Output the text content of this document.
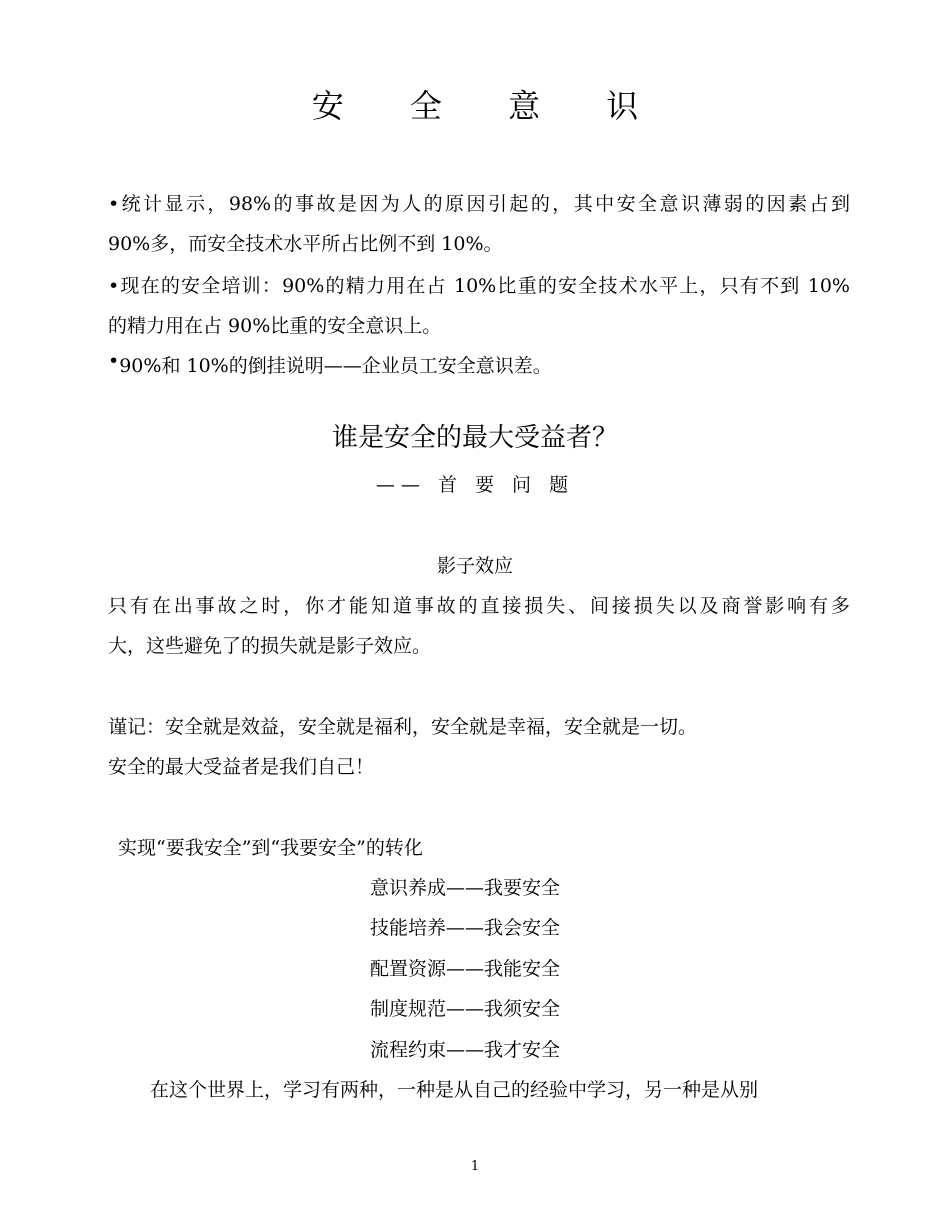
安 全 意 识
•统计显示，98%的事故是因为人的原因引起的，其中安全意识薄弱的因素占到
90%多，而安全技术水平所占比例不到 10%。
•现在的安全培训：90%的精力用在占 10%比重的安全技术水平上，只有不到 10%
的精力用在占 90%比重的安全意识上。
•90%和 10%的倒挂说明——企业员工安全意识差。
谁是安全的最大受益者？
—— 首 要 问 题
影子效应
只有在出事故之时，你才能知道事故的直接损失、间接损失以及商誉影响有多
大，这些避免了的损失就是影子效应。
谨记：安全就是效益，安全就是福利，安全就是幸福，安全就是一切。
安全的最大受益者是我们自己！
实现“要我安全”到“我要安全”的转化
意识养成——我要安全
技能培养——我会安全
配置资源——我能安全
制度规范——我须安全
流程约束——我才安全
在这个世界上，学习有两种，一种是从自己的经验中学习，另一种是从别
1
